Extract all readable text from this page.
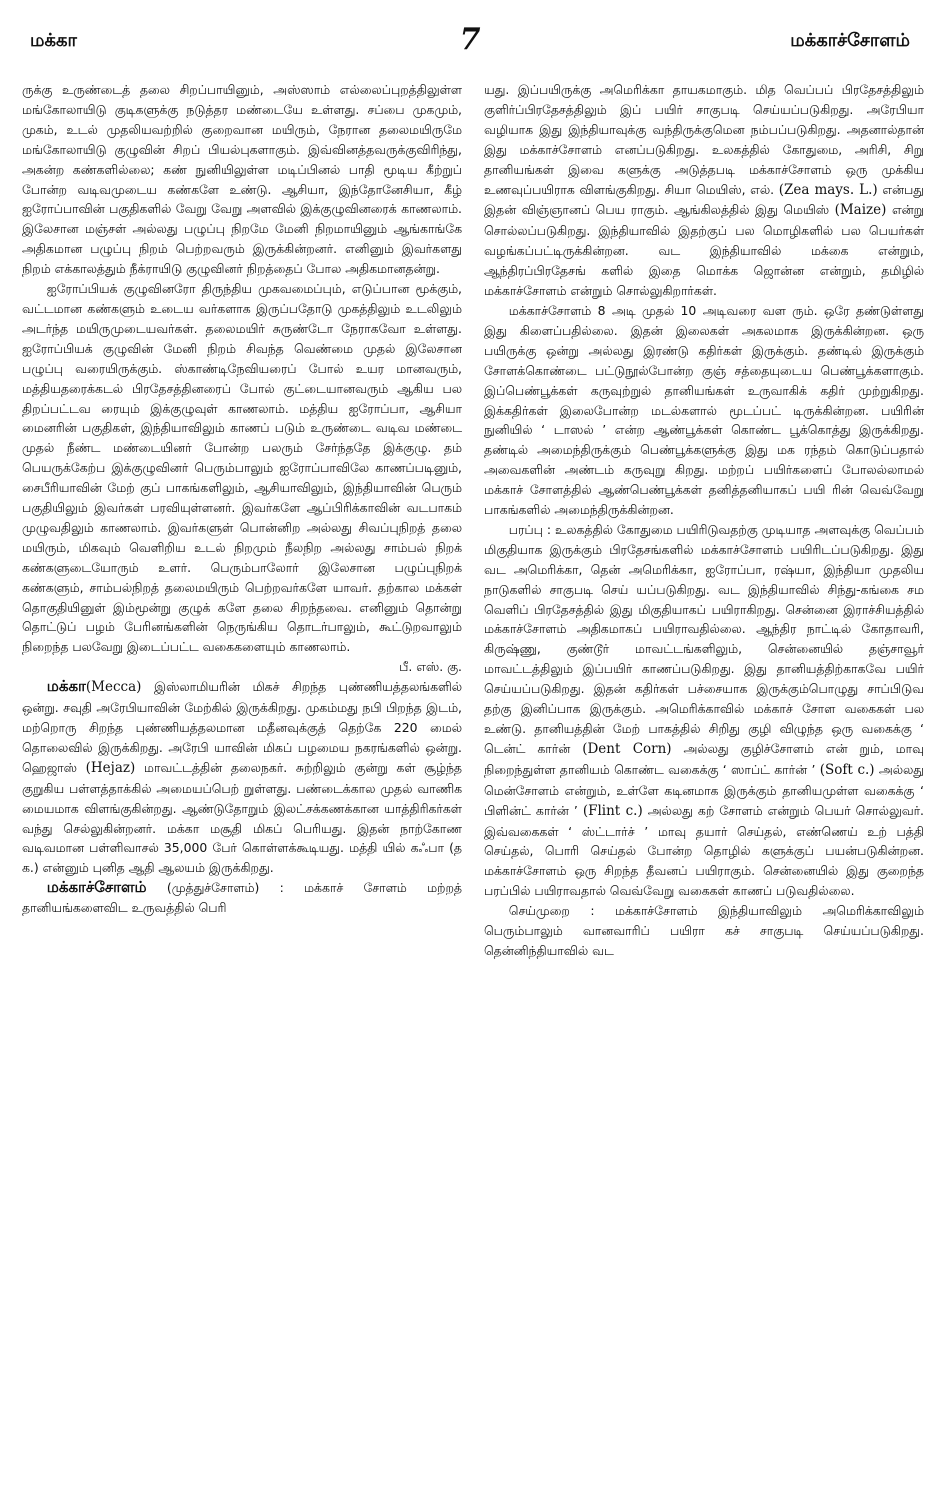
மக்கா	7	மக்காச்சோளம்

ருக்கு உருண்டைத் தலை சிறப்பாயினும், அஸ்ஸாம் எல்லைப்புறத்திலுள்ள மங்கோலாயிடு குடிகளுக்கு நடுத்தர மண்டையே உள்ளது. சப்பை முகமும், முகம், உடல் முதலியவற்றில் குறைவான மயிரும், நேரான தலைமயிருமே மங்கோலாயிடு குழுவின் சிறப் பியல்புகளாகும். இவ்வினத்தவருக்குவிரிந்து, அகன்ற கண்களில்லை; கண் நுனியிலுள்ள மடிப்பினல் பாதி மூடிய கீற்றுப் போன்ற வடிவமுடைய கண்களே உண்டு. ஆசியா, இந்தோனேசியா, கீழ் ஐரோப்பாவின் பகுதிகளில் வேறு வேறு அளவில் இக்குழுவினரைக் காணலாம். இலேசான மஞ்சள் அல்லது பழுப்பு நிறமே மேனி நிறமாயினும் ஆங்காங்கே அதிகமான பழுப்பு நிறம் பெற்றவரும் இருக்கின்றனர். எனினும் இவர்களது நிறம் எக்காலத்தும் நீக்ராயிடு குழுவினர் நிறத்தைப் போல அதிகமானதன்று.

ஐரோப்பியக் குழுவினரோ திருந்திய முகவமைப்பும், எடுப்பான மூக்கும், வட்டமான கண்களும் உடைய வர்களாக இருப்பதோடு முகத்திலும் உடலிலும் அடர்ந்த மயிருமுடையவர்கள். தலைமயிர் சுருண்டோ நேராகவோ உள்ளது. ஐரோப்பியக் குழுவின் மேனி நிறம் சிவந்த வெண்மை முதல் இலேசான பழுப்பு வரையிருக்கும். ஸ்காண்டிநேவியரைப் போல் உயர மானவரும், மத்தியதரைக்கடல் பிரதேசத்தினரைப் போல் குட்டையானவரும் ஆகிய பல திறப்பட்டவ ரையும் இக்குழுவுள் காணலாம். மத்திய ஐரோப்பா, ஆசியா மைனரின் பகுதிகள், இந்தியாவிலும் காணப் படும் உருண்டை வடிவ மண்டை முதல் நீண்ட மண்டையினர் போன்ற பலரும் சேர்ந்ததே இக்குழு. தம் பெயருக்கேற்ப இக்குழுவினர் பெரும்பாலும் ஐரோப்பாவிலே காணப்படினும், சைபீரியாவின் மேற் குப் பாகங்களிலும், ஆசியாவிலும், இந்தியாவின் பெரும் பகுதியிலும் இவர்கள் பரவியுள்ளனர். இவர்களே ஆப்பிரிக்காவின் வடபாகம் முழுவதிலும் காணலாம். இவர்களுள் பொன்னிற அல்லது சிவப்புநிறத் தலை மயிரும், மிகவும் வெளிறிய உடல் நிறமும் நீலநிற அல்லது சாம்பல் நிறக் கண்களுடையோரும் உளர். பெரும்பாலோர் இலேசான பழுப்புநிறக் கண்களும், சாம்பல்நிறத் தலைமயிரும் பெற்றவர்களே யாவர். தற்கால மக்கள் தொகுதியினுள் இம்மூன்று குழுக் களே தலை சிறந்தவை. எனினும் தொன்று தொட்டுப் பழம் பேரினங்களின் நெருங்கிய தொடர்பாலும், கூட்டுறவாலும் நிறைந்த பலவேறு இடைப்பட்ட வகைகளையும் காணலாம்.

பீ. எஸ். கு.

மக்கா(Mecca) இஸ்லாமியரின் மிகச் சிறந்த புண்ணியத்தலங்களில் ஒன்று. சவுதி அரேபியாவின் மேற்கில் இருக்கிறது. முகம்மது நபி பிறந்த இடம், மற்றொரு சிறந்த புண்ணியத்தலமான மதீனவுக்குத் தெற்கே 220 மைல் தொலைவில் இருக்கிறது. அரேபி யாவின் மிகப் பழமைய நகரங்களில் ஒன்று. ஹெஜாஸ் (Hejaz) மாவட்டத்தின் தலைநகர். சுற்றிலும் குன்று கள் சூழ்ந்த குறுகிய பள்ளத்தாக்கில் அமையப்பெற் றுள்ளது. பண்டைக்கால முதல் வாணிக மையமாக விளங்குகின்றது. ஆண்டுதோறும் இலட்சக்கணக்கான யாத்திரிகர்கள் வந்து செல்லுகின்றனர். மக்கா மசூதி மிகப் பெரியது. இதன் நாற்கோண வடிவமான பள்ளிவாசல் 35,000 பேர் கொள்ளக்கூடியது. மத்தி யில் கஃபா (த க.) என்னும் புனித ஆதி ஆலயம் இருக்கிறது.

மக்காச்சோளம் (முத்துச்சோளம்) : மக்காச் சோளம் மற்றத் தானியங்களைவிட உருவத்தில் பெரி

யது. இப்பயிருக்கு அமெரிக்கா தாயகமாகும். மித வெப்பப் பிரதேசத்திலும் குளிர்ப்பிரதேசத்திலும் இப் பயிர் சாகுபடி செய்யப்படுகிறது. அரேபியா வழியாக இது இந்தியாவுக்கு வந்திருக்குமென நம்பப்படுகிறது. அதனால்தான் இது மக்காச்சோளம் எனப்படுகிறது. உலகத்தில் கோதுமை, அரிசி, சிறு தானியங்கள் இவை களுக்கு அடுத்தபடி மக்காச்சோளம் ஒரு முக்கிய உணவுப்பயிராக விளங்குகிறது. சியா மெயிஸ், எல். (Zea mays. L.) என்பது இதன் விஞ்ஞானப் பெய ராகும். ஆங்கிலத்தில் இது மெயிஸ் (Maize) என்று சொல்லப்படுகிறது. இந்தியாவில் இதற்குப் பல மொழிகளில் பல பெயர்கள் வழங்கப்பட்டிருக்கின்றன. வட இந்தியாவில் மக்கை என்றும், ஆந்திரப்பிரதேசங் களில் இதை மொக்க ஜொன்ன என்றும், தமிழில் மக்காச்சோளம் என்றும் சொல்லுகிறார்கள்.

மக்காச்சோளம் 8 அடி முதல் 10 அடிவரை வள ரும். ஒரே தண்டுள்ளது இது கிளைப்பதில்லை. இதன் இலைகள் அகலமாக இருக்கின்றன. ஒரு பயிருக்கு ஒன்று அல்லது இரண்டு கதிர்கள் இருக்கும். தண்டில் இருக்கும் சோளக்கொண்டை பட்டுநூல்போன்ற குஞ் சத்தையுடைய பெண்பூக்களாகும். இப்பெண்பூக்கள் கருவுற்றுல் தானியங்கள் உருவாகிக் கதிர் முற்றுகிறது. இக்கதிர்கள் இலைபோன்ற மடல்களால் மூடப்பட் டிருக்கின்றன. பயிரின் நுனியில் ‘ டாஸல் ’ என்ற ஆண்பூக்கள் கொண்ட பூக்கொத்து இருக்கிறது. தண்டில் அமைந்திருக்கும் பெண்பூக்களுக்கு இது மக ரந்தம் கொடுப்பதால் அவைகளின் அண்டம் கருவுறு கிறது. மற்றப் பயிர்களைப் போலல்லாமல் மக்காச் சோளத்தில் ஆண்பெண்பூக்கள் தனித்தனியாகப் பயி ரின் வெவ்வேறு பாகங்களில் அமைந்திருக்கின்றன.

பரப்பு : உலகத்தில் கோதுமை பயிரிடுவதற்கு முடியாத அளவுக்கு வெப்பம் மிகுதியாக இருக்கும் பிரதேசங்களில் மக்காச்சோளம் பயிரிடப்படுகிறது. இது வட அமெரிக்கா, தென் அமெரிக்கா, ஐரோப்பா, ரஷ்யா, இந்தியா முதலிய நாடுகளில் சாகுபடி செய் யப்படுகிறது. வட இந்தியாவில் சிந்து-கங்கை சம வெளிப் பிரதேசத்தில் இது மிகுதியாகப் பயிராகிறது. சென்னை இராச்சியத்தில் மக்காச்சோளம் அதிகமாகப் பயிராவதில்லை. ஆந்திர நாட்டில் கோதாவரி, கிருஷ்ணு, குண்டூர் மாவட்டங்களிலும், சென்னையில் தஞ்சாவூர் மாவட்டத்திலும் இப்பயிர் காணப்படுகிறது. இது தானியத்திற்காகவே பயிர் செய்யப்படுகிறது. இதன் கதிர்கள் பச்சையாக இருக்கும்பொழுது சாப்பிடுவ தற்கு இனிப்பாக இருக்கும். அமெரிக்காவில் மக்காச் சோள வகைகள் பல உண்டு. தானியத்தின் மேற் பாகத்தில் சிறிது குழி விழுந்த ஒரு வகைக்கு ‘ டென்ட் கார்ன் (Dent Corn) அல்லது குழிச்சோளம் என் றும், மாவு நிறைந்துள்ள தானியம் கொண்ட வகைக்கு ‘ ஸாப்ட் கார்ன் ’ (Soft c.) அல்லது மென்சோளம் என்றும், உள்ளே கடினமாக இருக்கும் தானியமுள்ள வகைக்கு ‘ பிளின்ட் கார்ன் ’ (Flint c.) அல்லது கற் சோளம் என்றும் பெயர் சொல்லுவர். இவ்வகைகள் ‘ ஸ்ட்டார்ச் ’ மாவு தயார் செய்தல், எண்ணெய் உற் பத்தி செய்தல், பொரி செய்தல் போன்ற தொழில் களுக்குப் பயன்படுகின்றன. மக்காச்சோளம் ஒரு சிறந்த தீவனப் பயிராகும். சென்னையில் இது குறைந்த பரப்பில் பயிராவதால் வெவ்வேறு வகைகள் காணப் படுவதில்லை.

செய்முறை : மக்காச்சோளம் இந்தியாவிலும் அமெரிக்காவிலும் பெரும்பாலும் வானவாரிப் பயிரா கச் சாகுபடி செய்யப்படுகிறது. தென்னிந்தியாவில் வட
